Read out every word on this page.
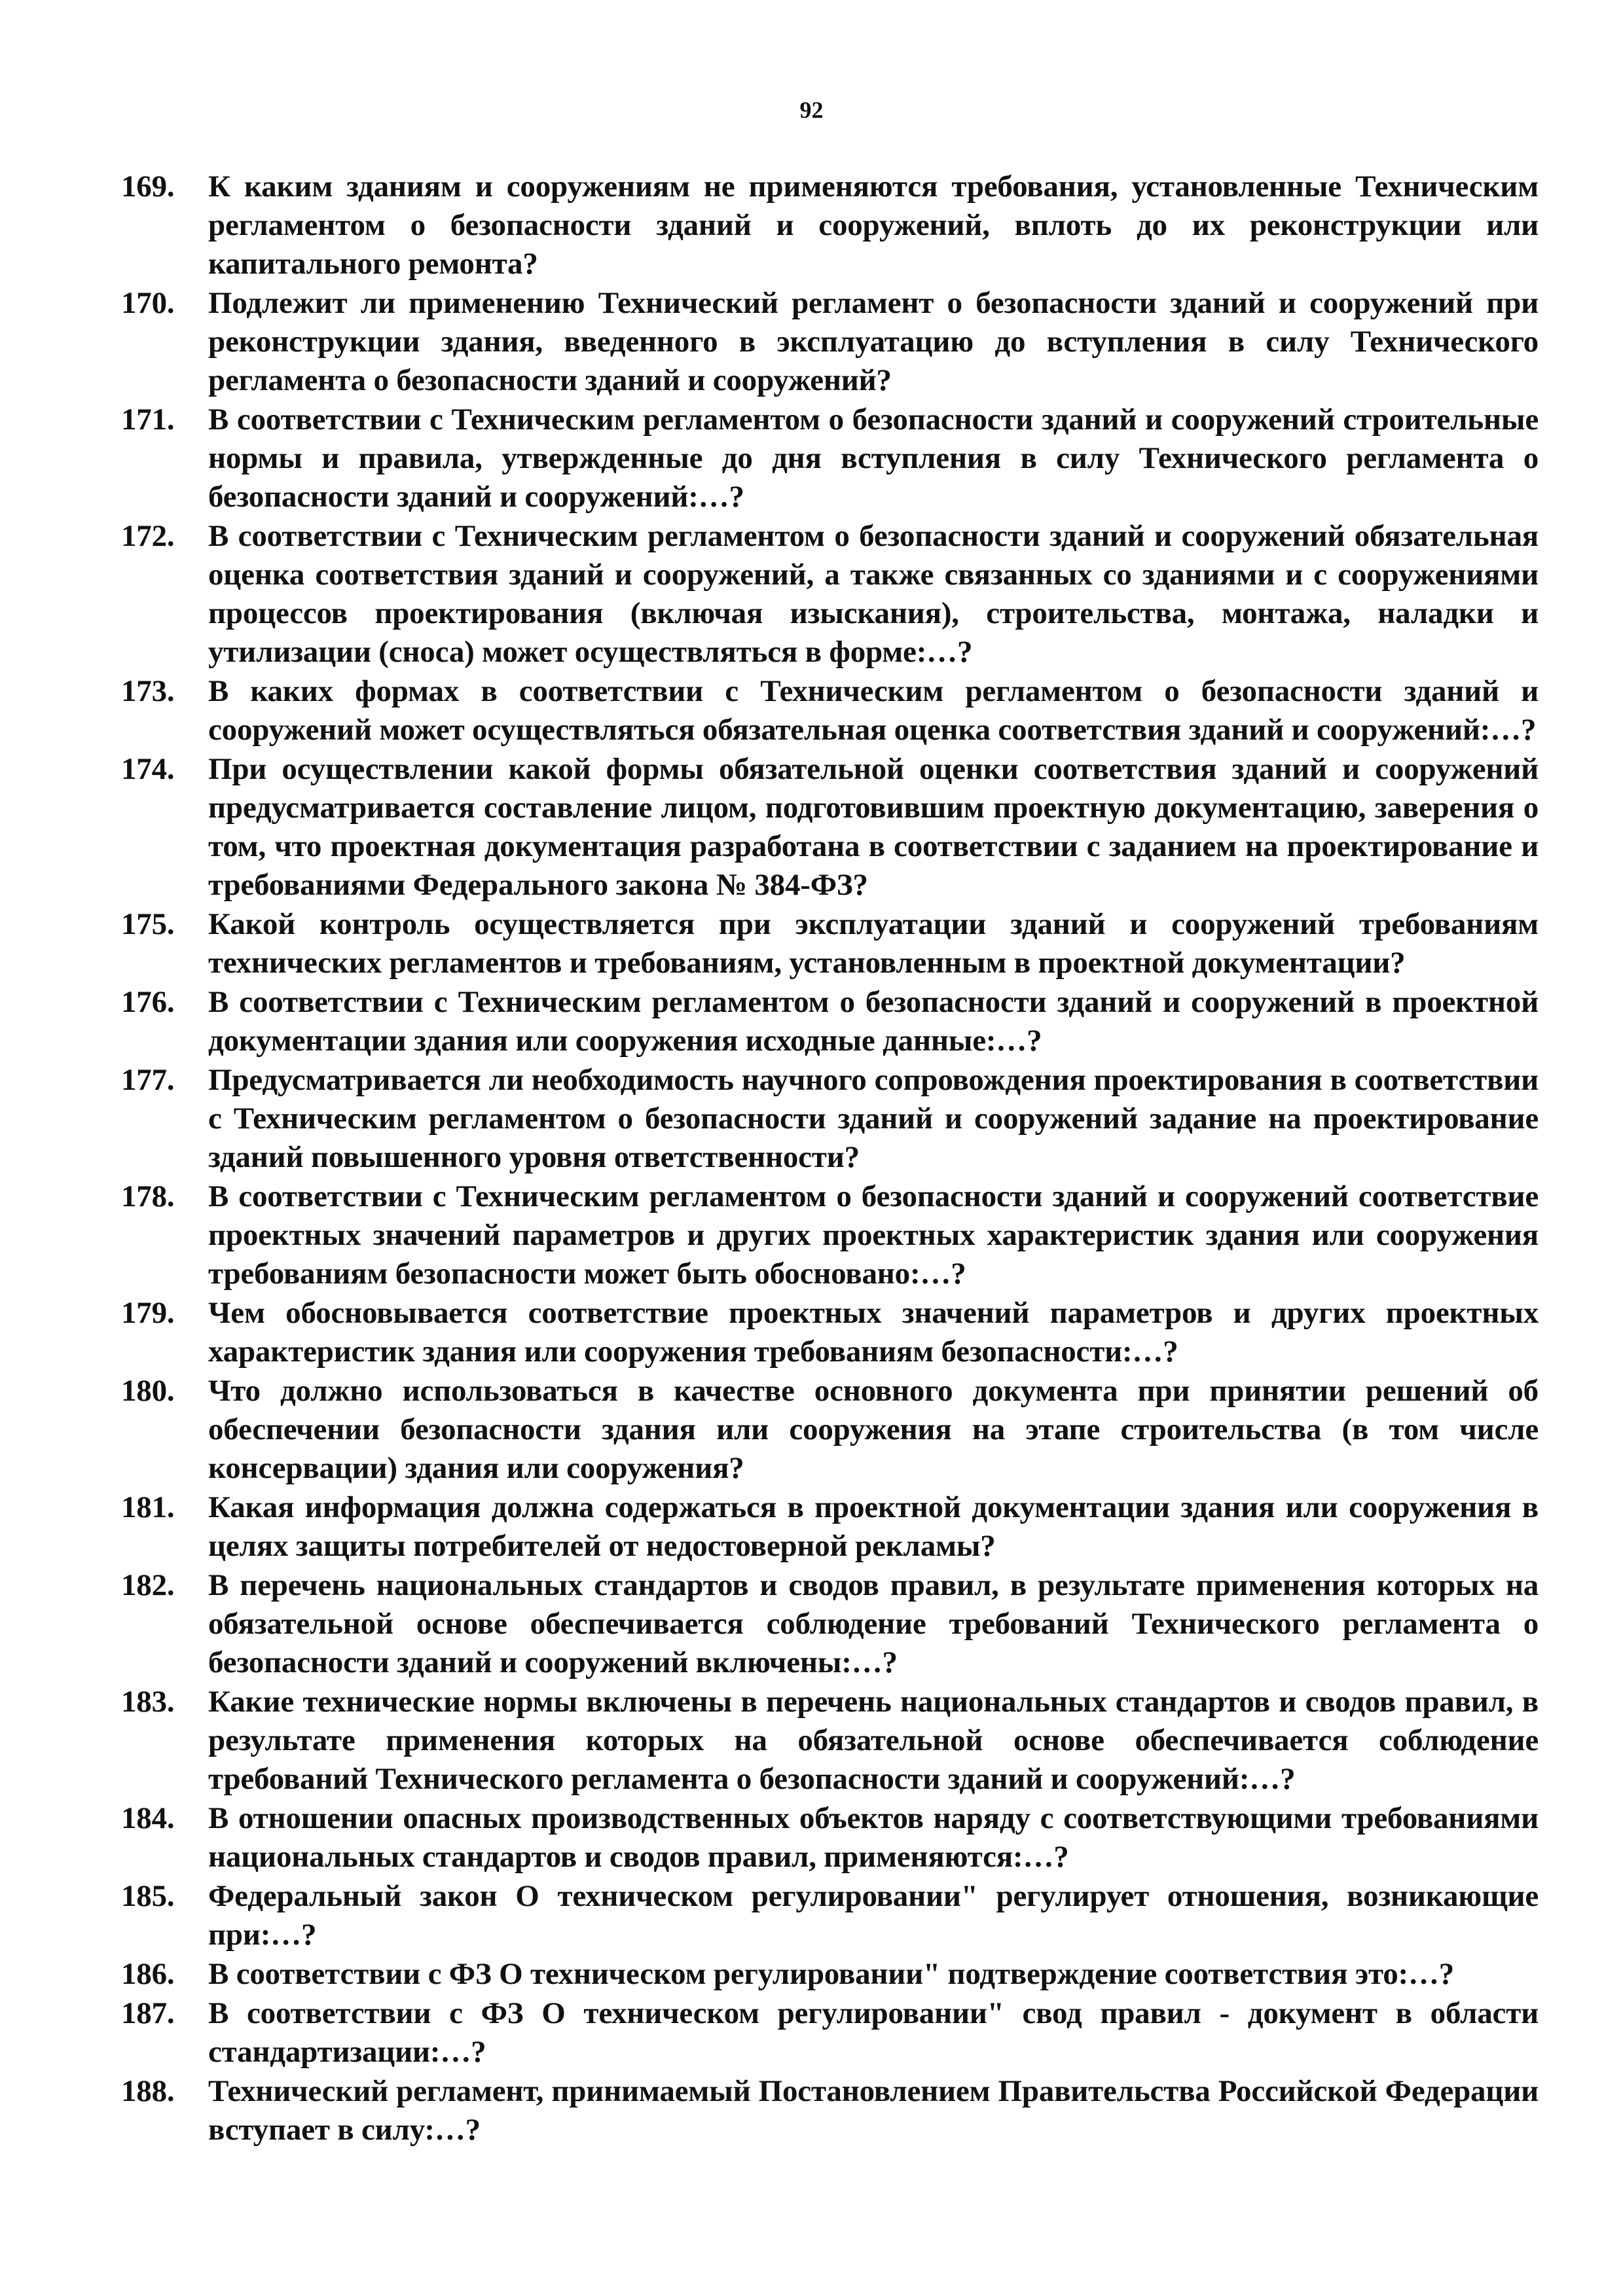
92
169.	К каким зданиям и сооружениям не применяются требования, установленные Техническим регламентом о безопасности зданий и сооружений, вплоть до их реконструкции или капитального ремонта?
170.	Подлежит ли применению Технический регламент о безопасности зданий и сооружений при реконструкции здания, введенного в эксплуатацию до вступления в силу Технического регламента о безопасности зданий и сооружений?
171.	В соответствии с Техническим регламентом о безопасности зданий и сооружений строительные нормы и правила, утвержденные до дня вступления в силу Технического регламента о безопасности зданий и сооружений:…?
172.	В соответствии с Техническим регламентом о безопасности зданий и сооружений обязательная оценка соответствия зданий и сооружений, а также связанных со зданиями и с сооружениями процессов проектирования (включая изыскания), строительства, монтажа, наладки и утилизации (сноса) может осуществляться в форме:…?
173.	В каких формах в соответствии с Техническим регламентом о безопасности зданий и сооружений может осуществляться обязательная оценка соответствия зданий и сооружений:…?
174.	При осуществлении какой формы обязательной оценки соответствия зданий и сооружений предусматривается составление лицом, подготовившим проектную документацию, заверения о том, что проектная документация разработана в соответствии с заданием на проектирование и требованиями Федерального закона № 384-ФЗ?
175.	Какой контроль осуществляется при эксплуатации зданий и сооружений требованиям технических регламентов и требованиям, установленным в проектной документации?
176.	В соответствии с Техническим регламентом о безопасности зданий и сооружений в проектной документации здания или сооружения исходные данные:…?
177.	Предусматривается ли необходимость научного сопровождения проектирования в соответствии с Техническим регламентом о безопасности зданий и сооружений задание на проектирование зданий повышенного уровня ответственности?
178.	В соответствии с Техническим регламентом о безопасности зданий и сооружений соответствие проектных значений параметров и других проектных характеристик здания или сооружения требованиям безопасности может быть обосновано:…?
179.	Чем обосновывается соответствие проектных значений параметров и других проектных характеристик здания или сооружения требованиям безопасности:…?
180.	Что должно использоваться в качестве основного документа при принятии решений об обеспечении безопасности здания или сооружения на этапе строительства (в том числе консервации) здания или сооружения?
181.	Какая информация должна содержаться в проектной документации здания или сооружения в целях защиты потребителей от недостоверной рекламы?
182.	В перечень национальных стандартов и сводов правил, в результате применения которых на обязательной основе обеспечивается соблюдение требований Технического регламента о безопасности зданий и сооружений включены:…?
183.	Какие технические нормы включены в перечень национальных стандартов и сводов правил, в результате применения которых на обязательной основе обеспечивается соблюдение требований Технического регламента о безопасности зданий и сооружений:…?
184.	В отношении опасных производственных объектов наряду с соответствующими требованиями национальных стандартов и сводов правил, применяются:…?
185.	Федеральный закон О техническом регулировании" регулирует отношения, возникающие при:…?
186.	В соответствии с ФЗ О техническом регулировании" подтверждение соответствия это:…?
187.	В соответствии с ФЗ О техническом регулировании" свод правил - документ в области стандартизации:…?
188.	Технический регламент, принимаемый Постановлением Правительства Российской Федерации вступает в силу:…?
